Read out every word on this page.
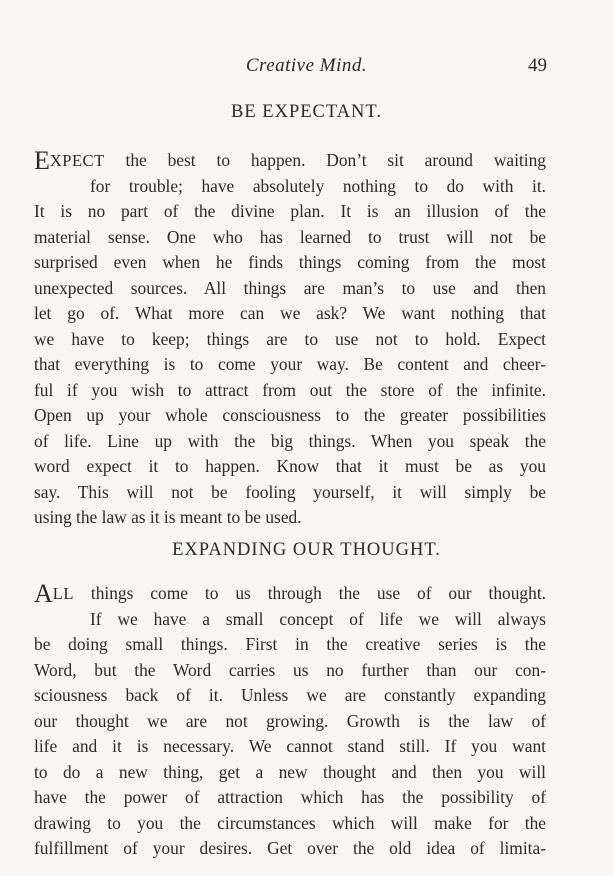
Creative Mind.	49
BE EXPECTANT.
EXPECT the best to happen. Don’t sit around waiting
for trouble; have absolutely nothing to do with it.
It is no part of the divine plan. It is an illusion of the
material sense. One who has learned to trust will not be
surprised even when he finds things coming from the most
unexpected sources. All things are man’s to use and then
let go of. What more can we ask? We want nothing that
we have to keep; things are to use not to hold. Expect
that everything is to come your way. Be content and cheer-
ful if you wish to attract from out the store of the infinite.
Open up your whole consciousness to the greater possibilities
of life. Line up with the big things. When you speak the
word expect it to happen. Know that it must be as you
say. This will not be fooling yourself, it will simply be
using the law as it is meant to be used.
EXPANDING OUR THOUGHT.
ALL things come to us through the use of our thought.
If we have a small concept of life we will always
be doing small things. First in the creative series is the
Word, but the Word carries us no further than our con-
sciousness back of it. Unless we are constantly expanding
our thought we are not growing. Growth is the law of
life and it is necessary. We cannot stand still. If you want
to do a new thing, get a new thought and then you will
have the power of attraction which has the possibility of
drawing to you the circumstances which will make for the
fulfillment of your desires. Get over the old idea of limita-
